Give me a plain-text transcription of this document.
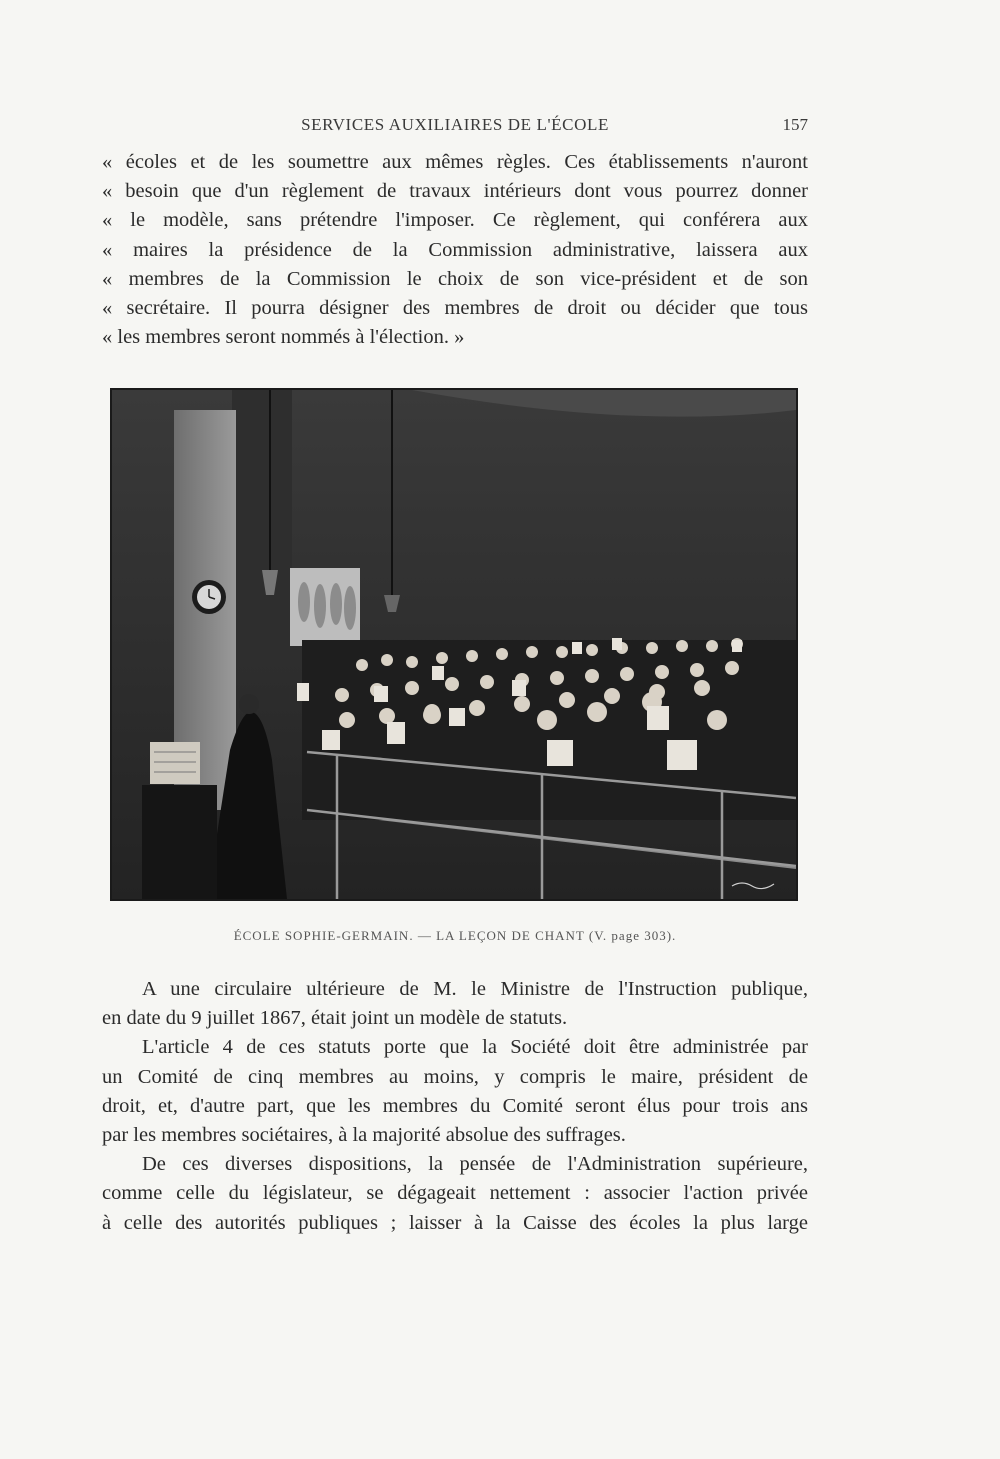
SERVICES AUXILIAIRES DE L'ÉCOLE	157
« écoles et de les soumettre aux mêmes règles. Ces établissements n'auront
« besoin que d'un règlement de travaux intérieurs dont vous pourrez donner
« le modèle, sans prétendre l'imposer. Ce règlement, qui conférera aux
« maires la présidence de la Commission administrative, laissera aux
« membres de la Commission le choix de son vice-président et de son
« secrétaire. Il pourra désigner des membres de droit ou décider que tous
« les membres seront nommés à l'élection. »
ÉCOLE SOPHIE-GERMAIN. — LA LEÇON DE CHANT (V. page 303).
A une circulaire ultérieure de M. le Ministre de l'Instruction publique,
en date du 9 juillet 1867, était joint un modèle de statuts.
L'article 4 de ces statuts porte que la Société doit être administrée par
un Comité de cinq membres au moins, y compris le maire, président de
droit, et, d'autre part, que les membres du Comité seront élus pour trois ans
par les membres sociétaires, à la majorité absolue des suffrages.
De ces diverses dispositions, la pensée de l'Administration supérieure,
comme celle du législateur, se dégageait nettement : associer l'action privée
à celle des autorités publiques ; laisser à la Caisse des écoles la plus large
